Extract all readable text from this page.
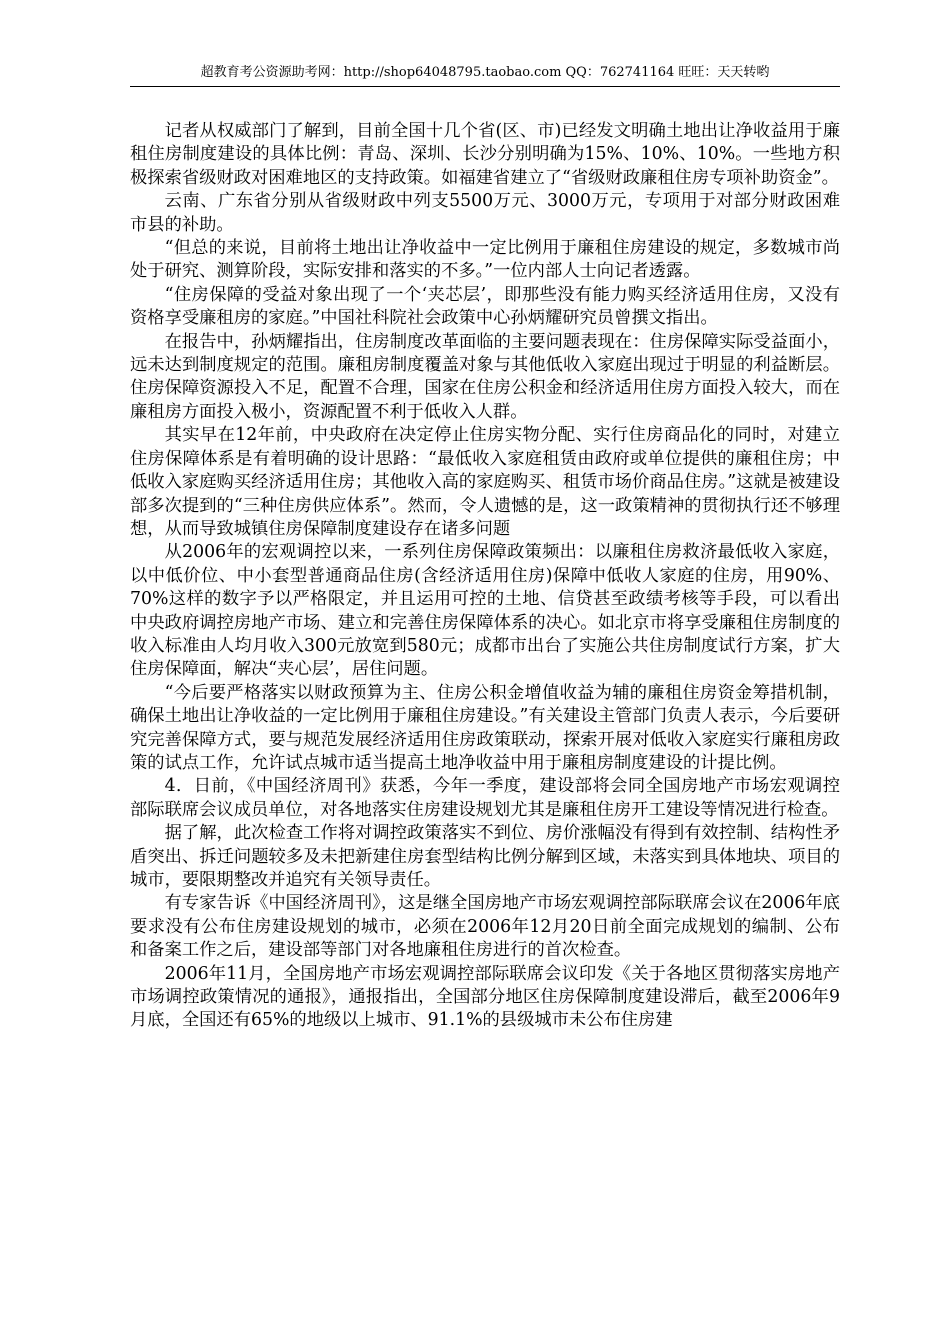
超教育考公资源助考网：http://shop64048795.taobao.com QQ：762741164 旺旺：天天转哟

记者从权威部门了解到，目前全国十几个省(区、市)已经发文明确土地出让净收益用于廉租住房制度建设的具体比例：青岛、深圳、长沙分别明确为15%、10%、10%。一些地方积极探索省级财政对困难地区的支持政策。如福建省建立了“省级财政廉租住房专项补助资金”。

云南、广东省分别从省级财政中列支5500万元、3000万元，专项用于对部分财政困难市县的补助。

“但总的来说，目前将土地出让净收益中一定比例用于廉租住房建设的规定，多数城市尚处于研究、测算阶段，实际安排和落实的不多。”一位内部人士向记者透露。

“住房保障的受益对象出现了一个‘夹芯层’，即那些没有能力购买经济适用住房，又没有资格享受廉租房的家庭。”中国社科院社会政策中心孙炳耀研究员曾撰文指出。

在报告中，孙炳耀指出，住房制度改革面临的主要问题表现在：住房保障实际受益面小，远未达到制度规定的范围。廉租房制度覆盖对象与其他低收入家庭出现过于明显的利益断层。住房保障资源投入不足，配置不合理，国家在住房公积金和经济适用住房方面投入较大，而在廉租房方面投入极小，资源配置不利于低收入人群。

其实早在12年前，中央政府在决定停止住房实物分配、实行住房商品化的同时，对建立住房保障体系是有着明确的设计思路：“最低收入家庭租赁由政府或单位提供的廉租住房；中低收入家庭购买经济适用住房；其他收入高的家庭购买、租赁市场价商品住房。”这就是被建设部多次提到的“三种住房供应体系”。然而，令人遗憾的是，这一政策精神的贯彻执行还不够理想，从而导致城镇住房保障制度建设存在诸多问题

从2006年的宏观调控以来，一系列住房保障政策频出：以廉租住房救济最低收入家庭，以中低价位、中小套型普通商品住房(含经济适用住房)保障中低收人家庭的住房，用90%、70%这样的数字予以严格限定，并且运用可控的土地、信贷甚至政绩考核等手段，可以看出中央政府调控房地产市场、建立和完善住房保障体系的决心。如北京市将享受廉租住房制度的收入标准由人均月收入300元放宽到580元；成都市出台了实施公共住房制度试行方案，扩大住房保障面，解决“夹心层’，居住问题。

“今后要严格落实以财政预算为主、住房公积金增值收益为辅的廉租住房资金筹措机制，确保土地出让净收益的一定比例用于廉租住房建设。”有关建设主管部门负责人表示，今后要研究完善保障方式，要与规范发展经济适用住房政策联动，探索开展对低收入家庭实行廉租房政策的试点工作，允许试点城市适当提高土地净收益中用于廉租房制度建设的计提比例。

4．日前，《中国经济周刊》获悉，今年一季度，建设部将会同全国房地产市场宏观调控部际联席会议成员单位，对各地落实住房建设规划尤其是廉租住房开工建设等情况进行检查。

据了解，此次检查工作将对调控政策落实不到位、房价涨幅没有得到有效控制、结构性矛盾突出、拆迁问题较多及未把新建住房套型结构比例分解到区域，未落实到具体地块、项目的城市，要限期整改并追究有关领导责任。

有专家告诉《中国经济周刊》，这是继全国房地产市场宏观调控部际联席会议在2006年底要求没有公布住房建设规划的城市，必须在2006年12月20日前全面完成规划的编制、公布和备案工作之后，建设部等部门对各地廉租住房进行的首次检查。

2006年11月，全国房地产市场宏观调控部际联席会议印发《关于各地区贯彻落实房地产市场调控政策情况的通报》，通报指出，全国部分地区住房保障制度建设滞后，截至2006年9月底，全国还有65%的地级以上城市、91.1%的县级城市未公布住房建
